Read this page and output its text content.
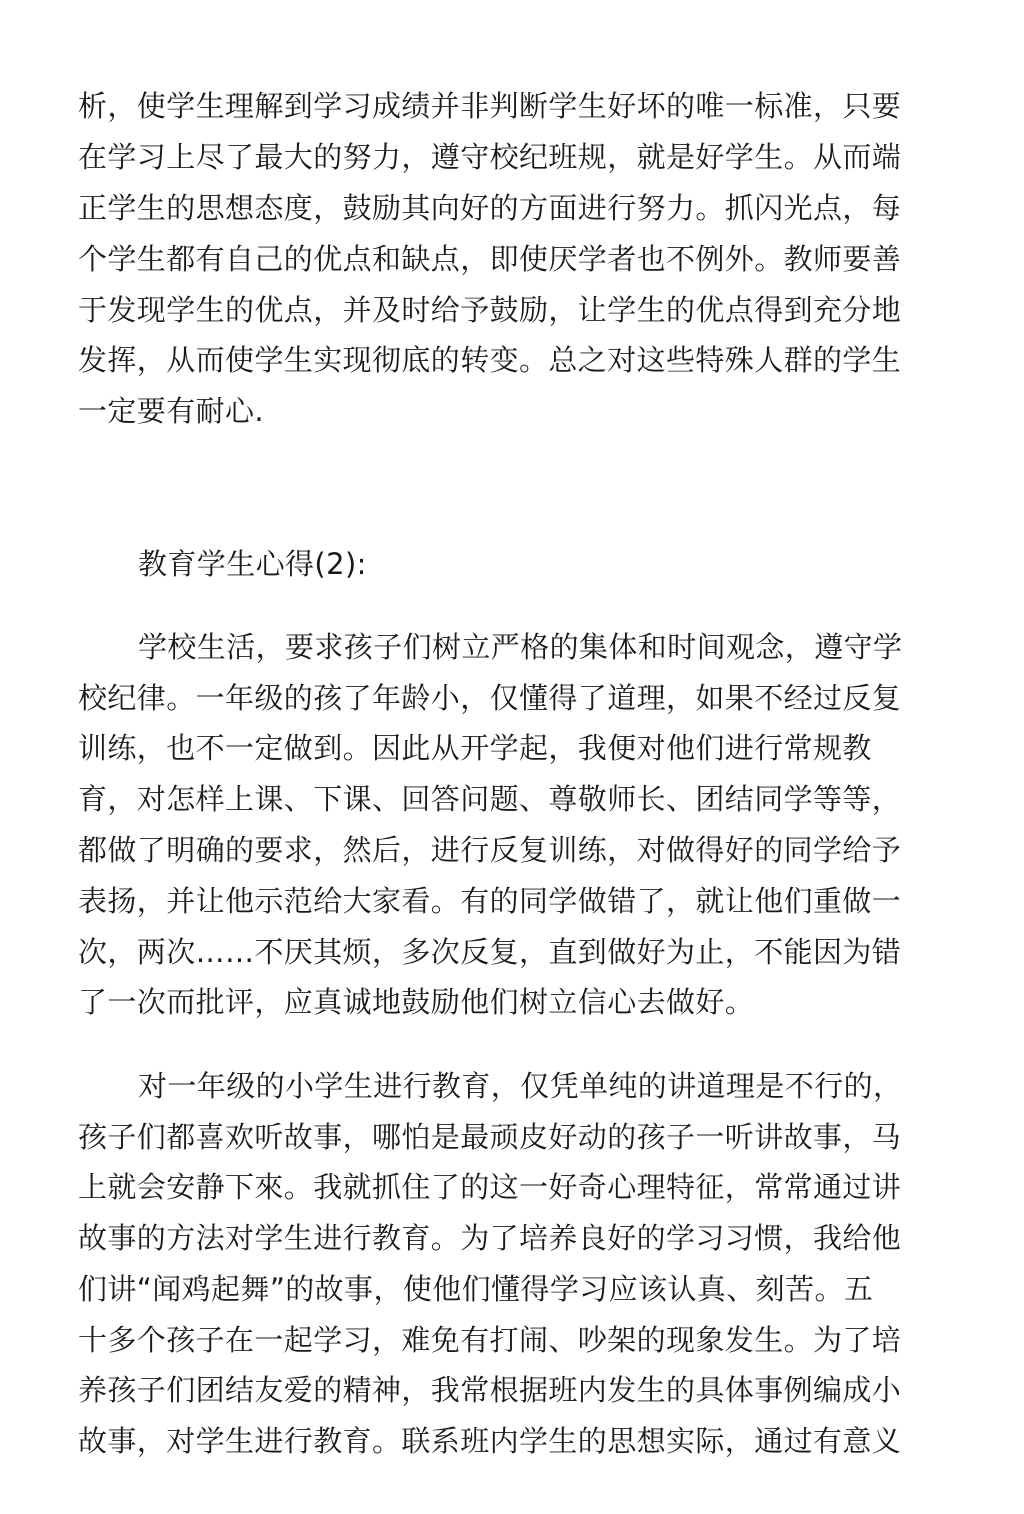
析，使学生理解到学习成绩并非判断学生好坏的唯一标准，只要
在学习上尽了最大的努力，遵守校纪班规，就是好学生。从而端
正学生的思想态度，鼓励其向好的方面进行努力。抓闪光点，每
个学生都有自己的优点和缺点，即使厌学者也不例外。教师要善
于发现学生的优点，并及时给予鼓励，让学生的优点得到充分地
发挥，从而使学生实现彻底的转变。总之对这些特殊人群的学生
一定要有耐心.
教育学生心得(2):
学校生活，要求孩子们树立严格的集体和时间观念，遵守学
校纪律。一年级的孩了年龄小，仅懂得了道理，如果不经过反复
训练，也不一定做到。因此从开学起，我便对他们进行常规教
育，对怎样上课、下课、回答问题、尊敬师长、团结同学等等，
都做了明确的要求，然后，进行反复训练，对做得好的同学给予
表扬，并让他示范给大家看。有的同学做错了，就让他们重做一
次，两次……不厌其烦，多次反复，直到做好为止，不能因为错
了一次而批评，应真诚地鼓励他们树立信心去做好。
对一年级的小学生进行教育，仅凭单纯的讲道理是不行的，
孩子们都喜欢听故事，哪怕是最顽皮好动的孩子一听讲故事，马
上就会安静下來。我就抓住了的这一好奇心理特征，常常通过讲
故事的方法对学生进行教育。为了培养良好的学习习惯，我给他
们讲“闻鸡起舞”的故事，使他们懂得学习应该认真、刻苦。五
十多个孩子在一起学习，难免有打闹、吵架的现象发生。为了培
养孩子们团结友爱的精神，我常根据班内发生的具体事例编成小
故事，对学生进行教育。联系班内学生的思想实际，通过有意义
